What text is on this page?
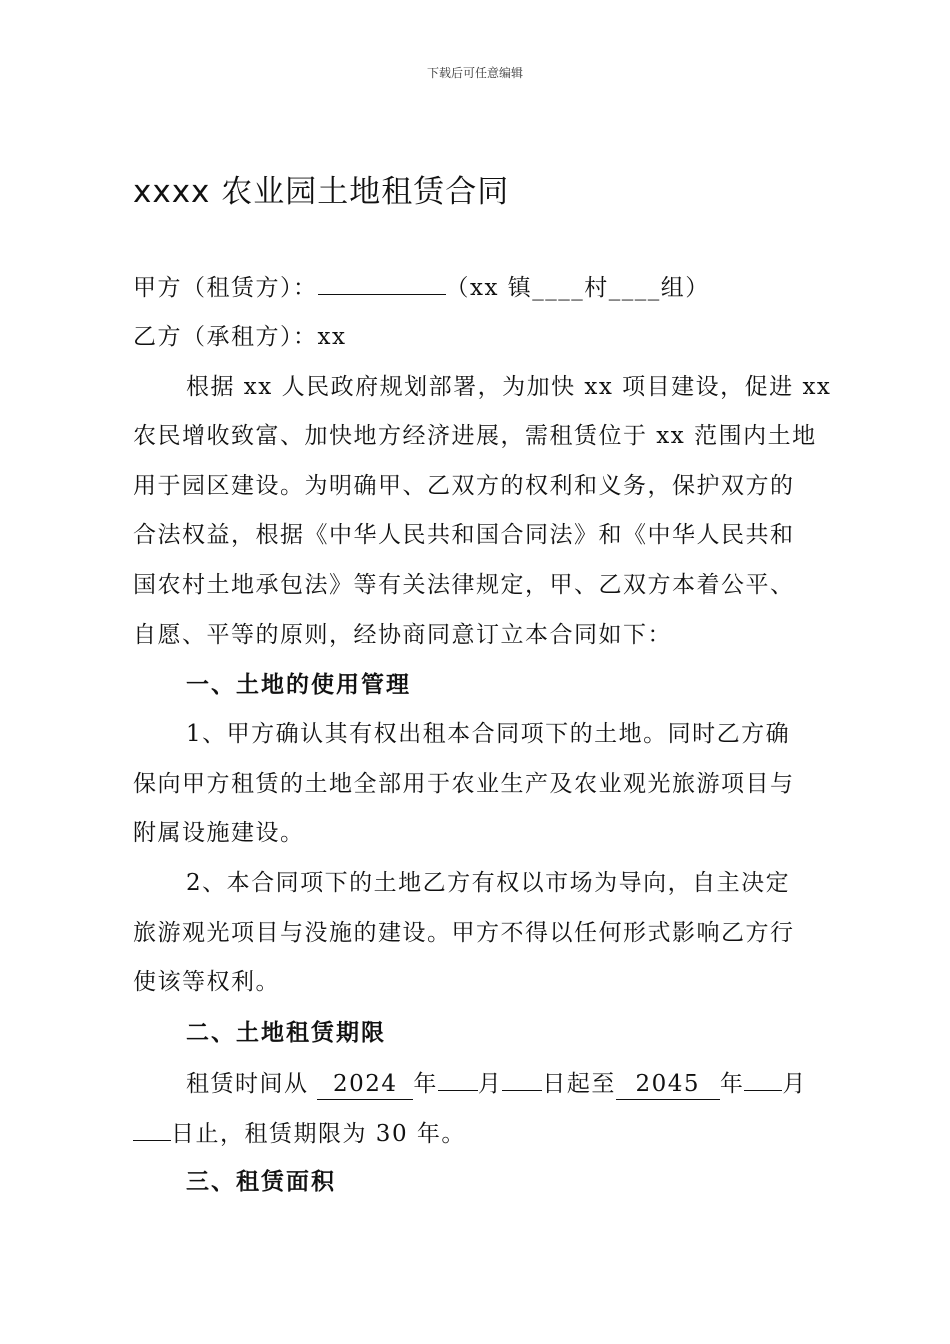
下载后可任意编辑
xxxx 农业园土地租赁合同
甲方（租赁方）：	（xx 镇____村____组）
乙方（承租方）：xx
根据 xx 人民政府规划部署，为加快 xx 项目建设，促进 xx
农民增收致富、加快地方经济进展，需租赁位于 xx 范围内土地
用于园区建设。为明确甲、乙双方的权利和义务，保护双方的
合法权益，根据《中华人民共和国合同法》和《中华人民共和
国农村土地承包法》等有关法律规定，甲、乙双方本着公平、
自愿、平等的原则，经协商同意订立本合同如下：
一、土地的使用管理
1、甲方确认其有权出租本合同项下的土地。同时乙方确
保向甲方租赁的土地全部用于农业生产及农业观光旅游项目与
附属设施建设。
2、本合同项下的土地乙方有权以市场为导向，自主决定
旅游观光项目与没施的建设。甲方不得以任何形式影响乙方行
使该等权利。
二、土地租赁期限
租赁时间从 2024 年 月 日起至 2045 年 月
日止，租赁期限为 30 年。
三、租赁面积
